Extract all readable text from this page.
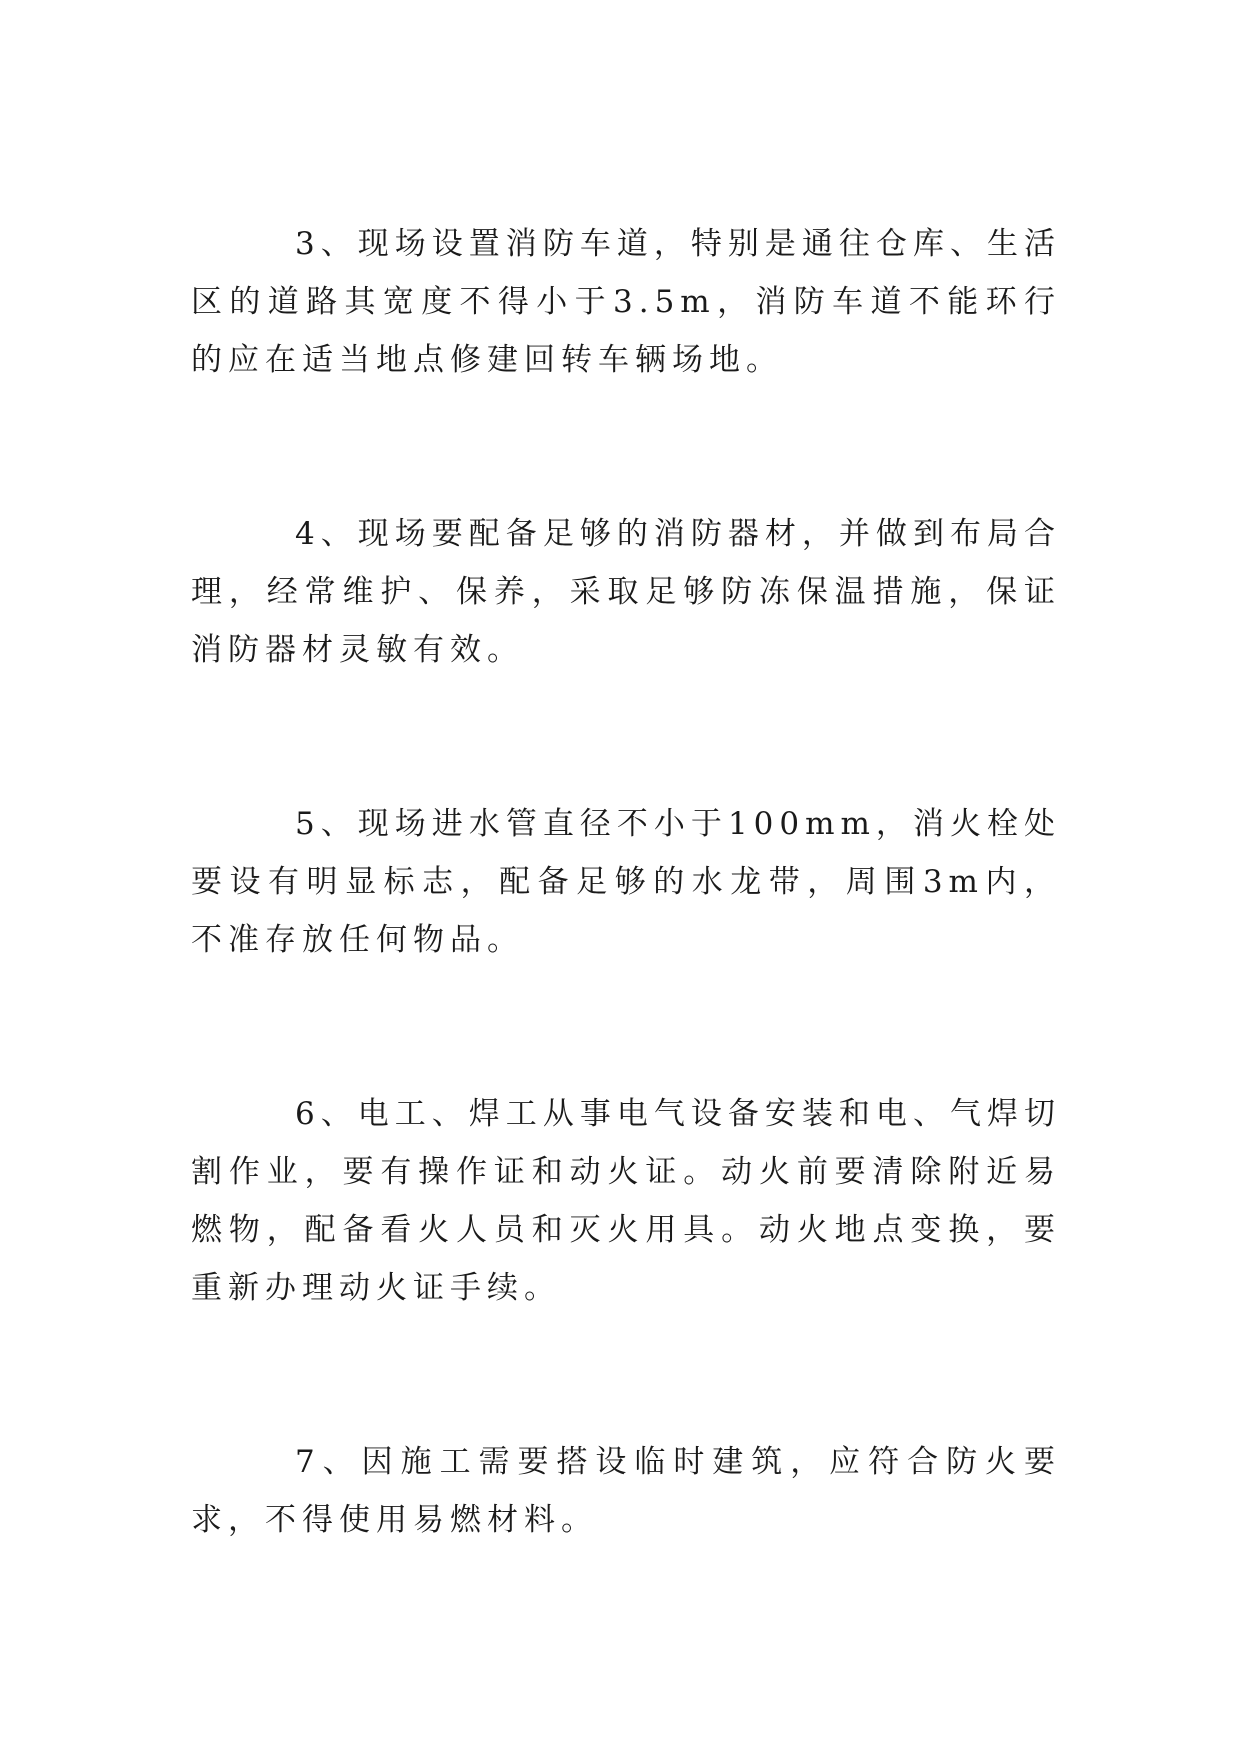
3、现场设置消防车道，特别是通往仓库、生活区的道路其宽度不得小于3.5m，消防车道不能环行的应在适当地点修建回转车辆场地。

4、现场要配备足够的消防器材，并做到布局合理，经常维护、保养，采取足够防冻保温措施，保证消防器材灵敏有效。

5、现场进水管直径不小于100mm，消火栓处要设有明显标志，配备足够的水龙带，周围3m内，不准存放任何物品。

6、电工、焊工从事电气设备安装和电、气焊切割作业，要有操作证和动火证。动火前要清除附近易燃物，配备看火人员和灭火用具。动火地点变换，要重新办理动火证手续。

7、因施工需要搭设临时建筑，应符合防火要求，不得使用易燃材料。
